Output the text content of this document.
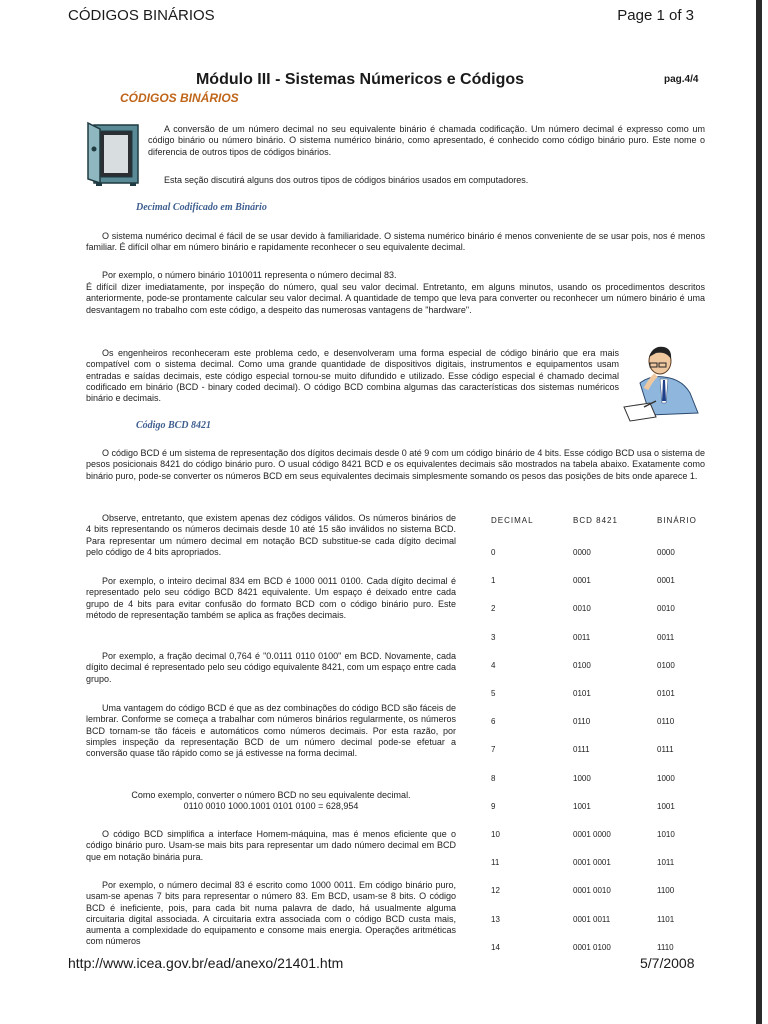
CÓDIGOS BINÁRIOS	Page 1 of 3
Módulo III - Sistemas Númericos e Códigos	pag.4/4
CÓDIGOS BINÁRIOS
A conversão de um número decimal no seu equivalente binário é chamada codificação. Um número decimal é expresso como um código binário ou número binário. O sistema numérico binário, como apresentado, é conhecido como código binário puro. Este nome o diferencia de outros tipos de códigos binários.
Esta seção discutirá alguns dos outros tipos de códigos binários usados em computadores.
Decimal Codificado em Binário
O sistema numérico decimal é fácil de se usar devido à familiaridade. O sistema numérico binário é menos conveniente de se usar pois, nos é menos familiar. É difícil olhar em número binário e rapidamente reconhecer o seu equivalente decimal.
Por exemplo, o número binário 1010011 representa o número decimal 83.
É difícil dizer imediatamente, por inspeção do número, qual seu valor decimal. Entretanto, em alguns minutos, usando os procedimentos descritos anteriormente, pode-se prontamente calcular seu valor decimal. A quantidade de tempo que leva para converter ou reconhecer um número binário é uma desvantagem no trabalho com este código, a despeito das numerosas vantagens de "hardware".
Os engenheiros reconheceram este problema cedo, e desenvolveram uma forma especial de código binário que era mais compatível com o sistema decimal. Como uma grande quantidade de dispositivos digitais, instrumentos e equipamentos usam entradas e saídas decimais, este código especial tornou-se muito difundido e utilizado. Esse código especial é chamado decimal codificado em binário (BCD - binary coded decimal). O código BCD combina algumas das características dos sistemas numéricos binário e decimais.
Código BCD 8421
O código BCD é um sistema de representação dos dígitos decimais desde 0 até 9 com um código binário de 4 bits. Esse código BCD usa o sistema de pesos posicionais 8421 do código binário puro. O usual código 8421 BCD e os equivalentes decimais são mostrados na tabela abaixo. Exatamente como binário puro, pode-se converter os números BCD em seus equivalentes decimais simplesmente somando os pesos das posições de bits onde aparece 1.
Observe, entretanto, que existem apenas dez códigos válidos. Os números binários de 4 bits representando os números decimais desde 10 até 15 são inválidos no sistema BCD. Para representar um número decimal em notação BCD substitue-se cada dígito decimal pelo código de 4 bits apropriados.
Por exemplo, o inteiro decimal 834 em BCD é 1000 0011 0100. Cada dígito decimal é representado pelo seu código BCD 8421 equivalente. Um espaço é deixado entre cada grupo de 4 bits para evitar confusão do formato BCD com o código binário puro. Este método de representação também se aplica as frações decimais.
Por exemplo, a fração decimal 0,764 é "0.0111 0110 0100" em BCD. Novamente, cada dígito decimal é representado pelo seu código equivalente 8421, com um espaço entre cada grupo.
Uma vantagem do código BCD é que as dez combinações do código BCD são fáceis de lembrar. Conforme se começa a trabalhar com números binários regularmente, os números BCD tornam-se tão fáceis e automáticos como números decimais. Por esta razão, por simples inspeção da representação BCD de um número decimal pode-se efetuar a conversão quase tão rápido como se já estivesse na forma decimal.
Como exemplo, converter o número BCD no seu equivalente decimal.
0110 0010 1000.1001 0101 0100 = 628,954
O código BCD simplifica a interface Homem-máquina, mas é menos eficiente que o código binário puro. Usam-se mais bits para representar um dado número decimal em BCD que em notação binária pura.
Por exemplo, o número decimal 83 é escrito como 1000 0011. Em código binário puro, usam-se apenas 7 bits para representar o número 83. Em BCD, usam-se 8 bits. O código BCD é ineficiente, pois, para cada bit numa palavra de dado, há usualmente alguma circuitaria digital associada. A circuitaria extra associada com o código BCD custa mais, aumenta a complexidade do equipamento e consome mais energia. Operações aritméticas com números
DECIMAL	BCD 8421	BINÁRIO
0	0000	0000
1	0001	0001
2	0010	0010
3	0011	0011
4	0100	0100
5	0101	0101
6	0110	0110
7	0111	0111
8	1000	1000
9	1001	1001
10	0001 0000	1010
11	0001 0001	1011
12	0001 0010	1100
13	0001 0011	1101
14	0001 0100	1110
http://www.icea.gov.br/ead/anexo/21401.htm	5/7/2008
